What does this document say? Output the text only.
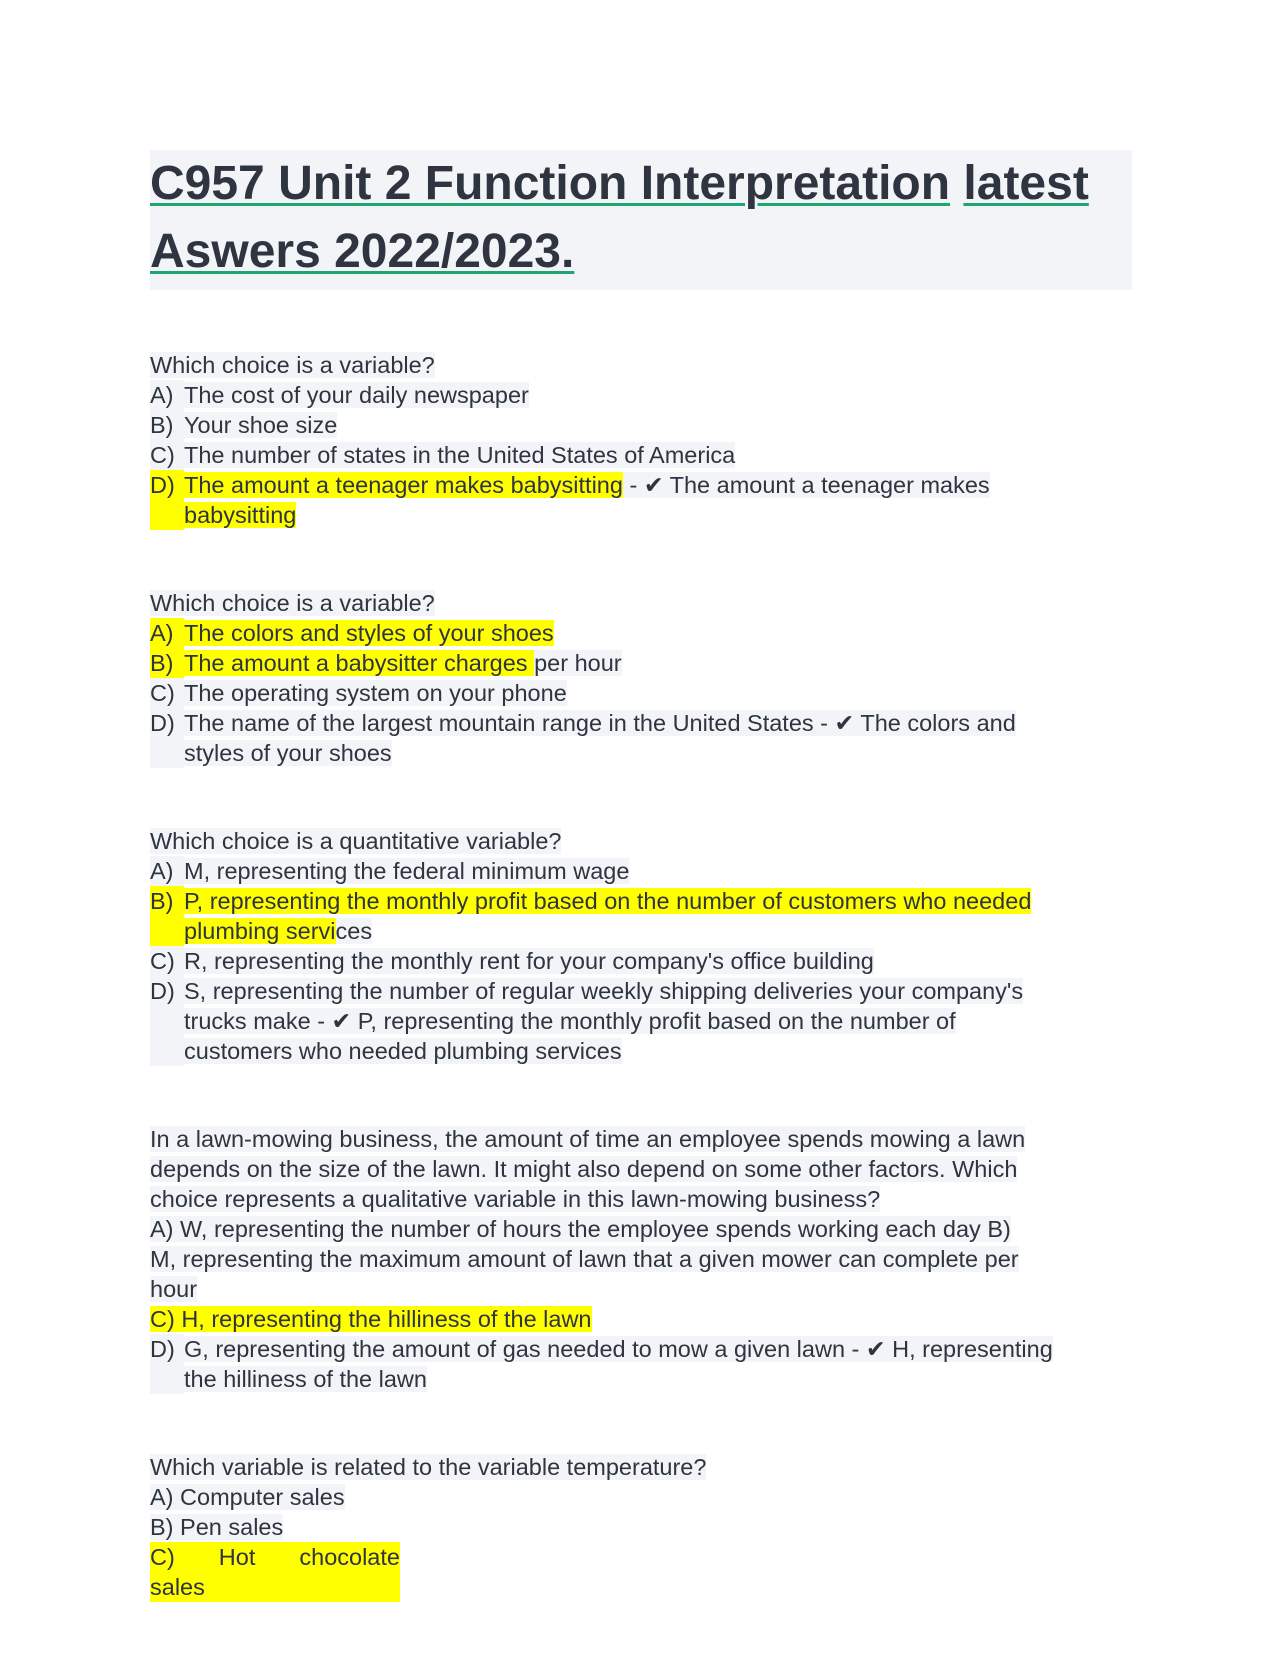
C957 Unit 2 Function Interpretation latest
Aswers 2022/2023.
Which choice is a variable?
A) The cost of your daily newspaper
B) Your shoe size
C) The number of states in the United States of America
D) The amount a teenager makes babysitting - ✔ The amount a teenager makes
babysitting
Which choice is a variable?
A) The colors and styles of your shoes
B) The amount a babysitter charges per hour
C) The operating system on your phone
D) The name of the largest mountain range in the United States - ✔ The colors and
styles of your shoes
Which choice is a quantitative variable?
A) M, representing the federal minimum wage
B) P, representing the monthly profit based on the number of customers who needed
plumbing services
C) R, representing the monthly rent for your company's office building
D) S, representing the number of regular weekly shipping deliveries your company's
trucks make - ✔ P, representing the monthly profit based on the number of
customers who needed plumbing services
In a lawn-mowing business, the amount of time an employee spends mowing a lawn
depends on the size of the lawn. It might also depend on some other factors. Which
choice represents a qualitative variable in this lawn-mowing business?
A) W, representing the number of hours the employee spends working each day B)
M, representing the maximum amount of lawn that a given mower can complete per
hour
C) H, representing the hilliness of the lawn
D) G, representing the amount of gas needed to mow a given lawn - ✔ H, representing
the hilliness of the lawn
Which variable is related to the variable temperature?
A) Computer sales
B) Pen sales
C) Hot chocolate
sales
